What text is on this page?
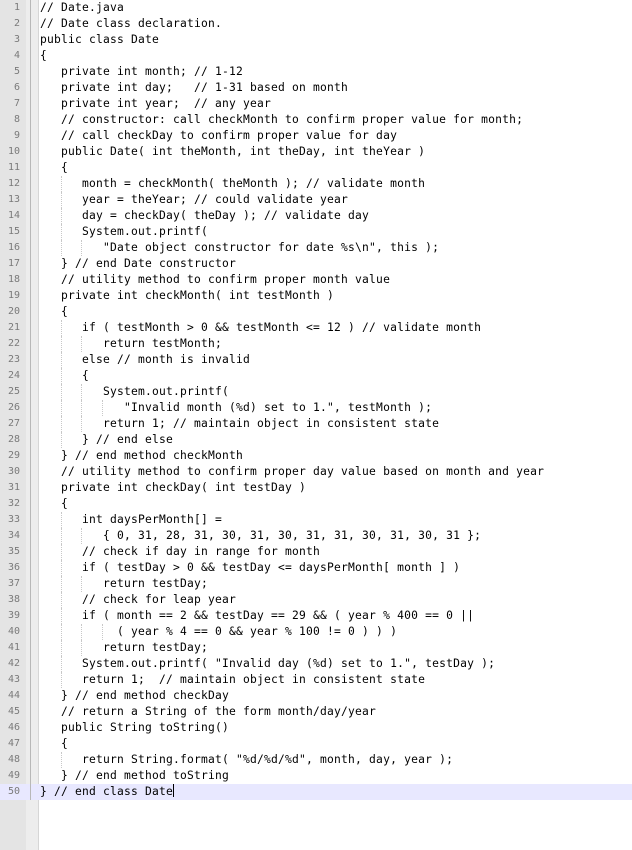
1 // Date.java
2 // Date class declaration.
3 public class Date
4 {
5 private int month; // 1-12
6 private int day;   // 1-31 based on month
7 private int year;  // any year
8 // constructor: call checkMonth to confirm proper value for month;
9 // call checkDay to confirm proper value for day
10 public Date( int theMonth, int theDay, int theYear )
11 {
12 month = checkMonth( theMonth ); // validate month
13 year = theYear; // could validate year
14 day = checkDay( theDay ); // validate day
15 System.out.printf(
16 "Date object constructor for date %s\n", this );
17 } // end Date constructor
18 // utility method to confirm proper month value
19 private int checkMonth( int testMonth )
20 {
21 if ( testMonth > 0 && testMonth <= 12 ) // validate month
22 return testMonth;
23 else // month is invalid
24 {
25 System.out.printf(
26 "Invalid month (%d) set to 1.", testMonth );
27 return 1; // maintain object in consistent state
28 } // end else
29 } // end method checkMonth
30 // utility method to confirm proper day value based on month and year
31 private int checkDay( int testDay )
32 {
33 int daysPerMonth[] =
34 { 0, 31, 28, 31, 30, 31, 30, 31, 31, 30, 31, 30, 31 };
35 // check if day in range for month
36 if ( testDay > 0 && testDay <= daysPerMonth[ month ] )
37 return testDay;
38 // check for leap year
39 if ( month == 2 && testDay == 29 && ( year % 400 == 0 ||
40 ( year % 4 == 0 && year % 100 != 0 ) ) )
41 return testDay;
42 System.out.printf( "Invalid day (%d) set to 1.", testDay );
43 return 1;  // maintain object in consistent state
44 } // end method checkDay
45 // return a String of the form month/day/year
46 public String toString()
47 {
48 return String.format( "%d/%d/%d", month, day, year );
49 } // end method toString
50 } // end class Date
